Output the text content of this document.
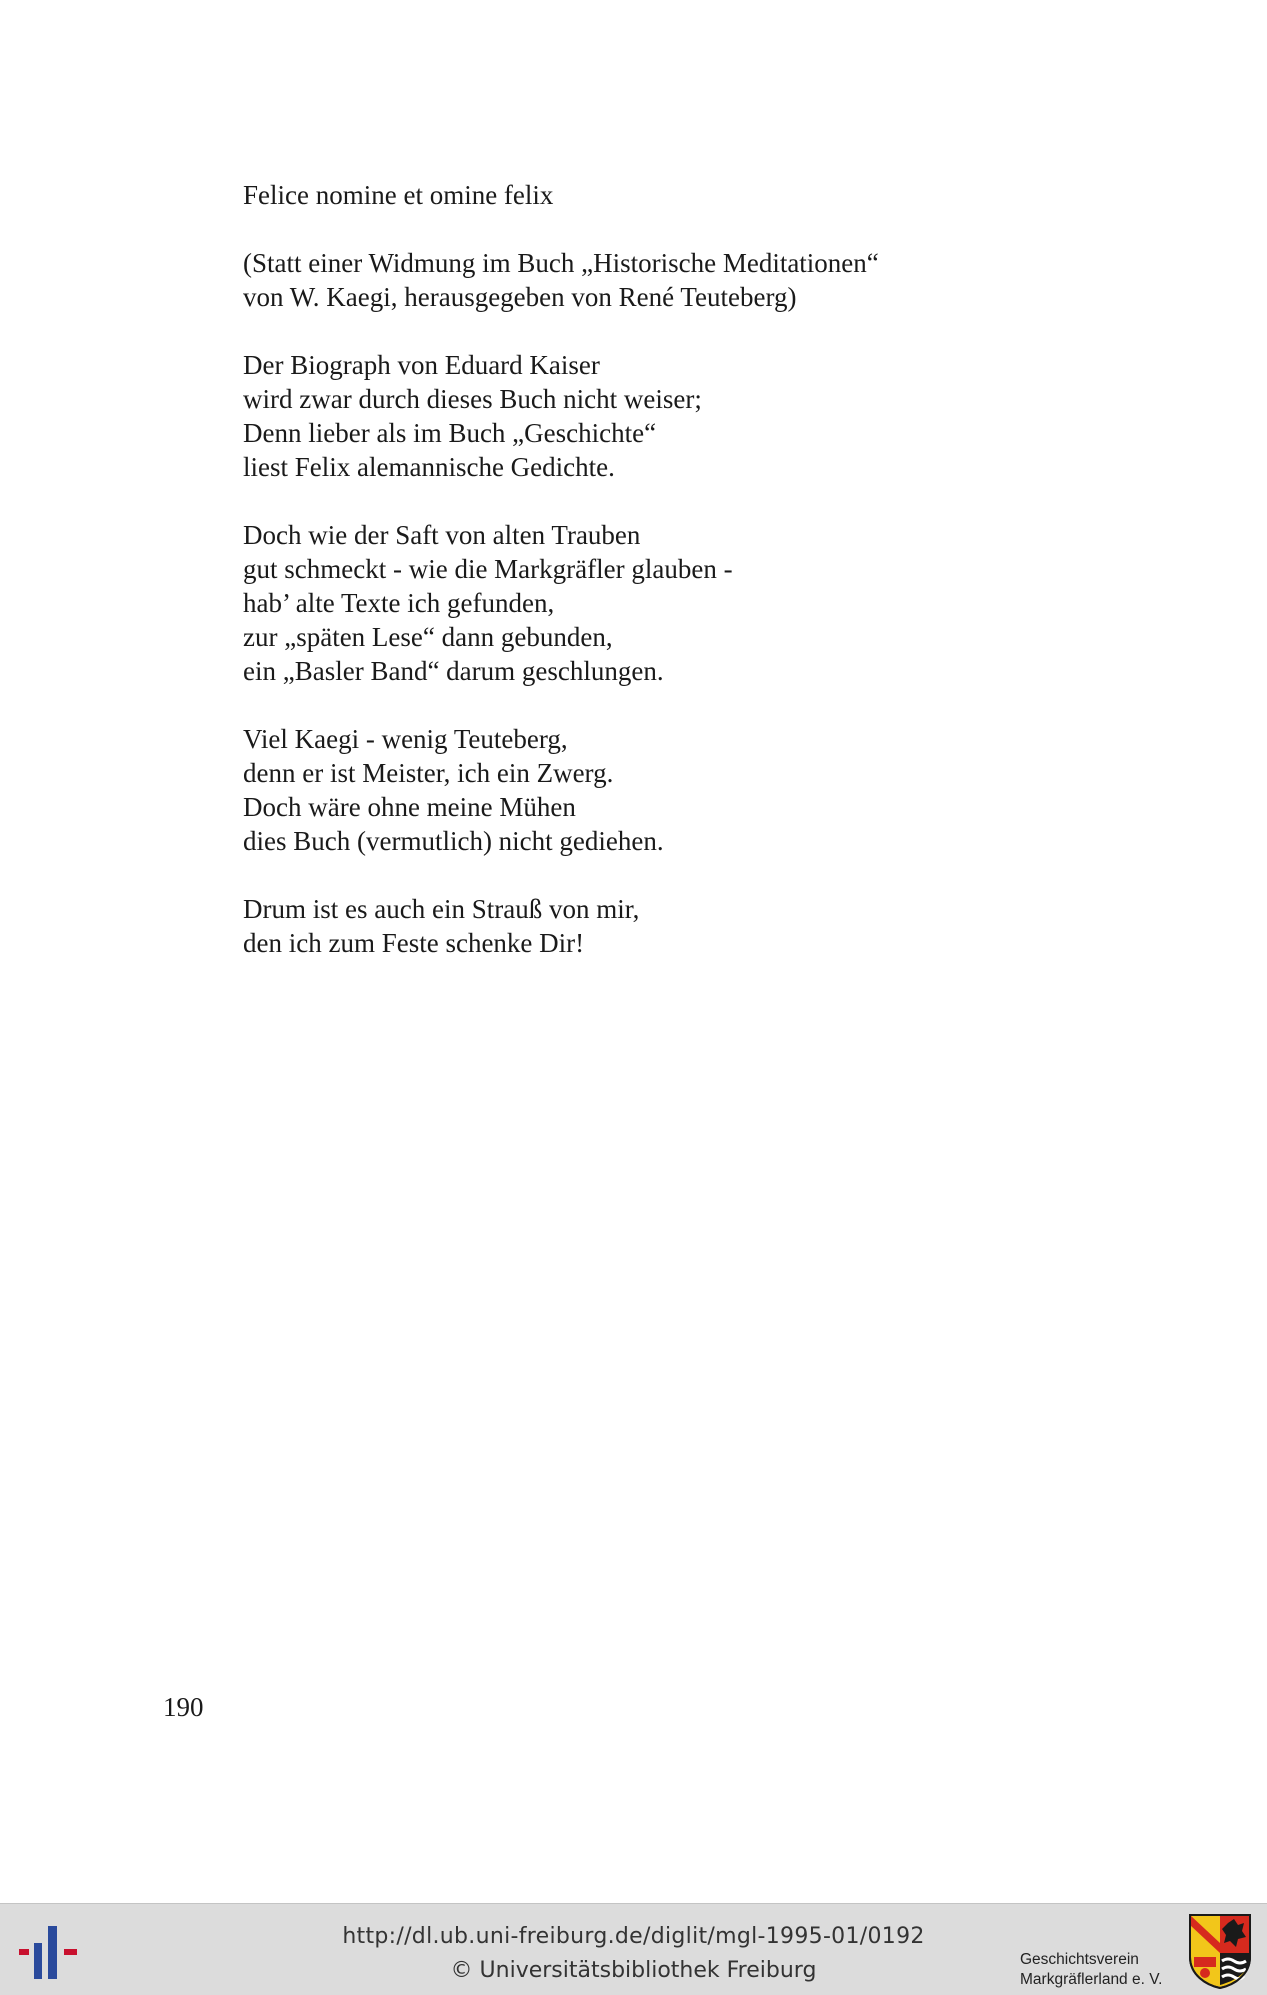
Felice nomine et omine felix

(Statt einer Widmung im Buch „Historische Meditationen“

von W. Kaegi, herausgegeben von René Teuteberg)

Der Biograph von Eduard Kaiser

wird zwar durch dieses Buch nicht weiser;

Denn lieber als im Buch „Geschichte“

liest Felix alemannische Gedichte.

Doch wie der Saft von alten Trauben

gut schmeckt - wie die Markgräfler glauben -

hab’ alte Texte ich gefunden,

zur „späten Lese“ dann gebunden,

ein „Basler Band“ darum geschlungen.

Viel Kaegi - wenig Teuteberg,

denn er ist Meister, ich ein Zwerg.

Doch wäre ohne meine Mühen

dies Buch (vermutlich) nicht gediehen.

Drum ist es auch ein Strauß von mir,

den ich zum Feste schenke Dir!

190
http://dl.ub.uni-freiburg.de/diglit/mgl-1995-01/0192
© Universitätsbibliothek Freiburg	Geschichtsverein
Markgräflerland e. V.
